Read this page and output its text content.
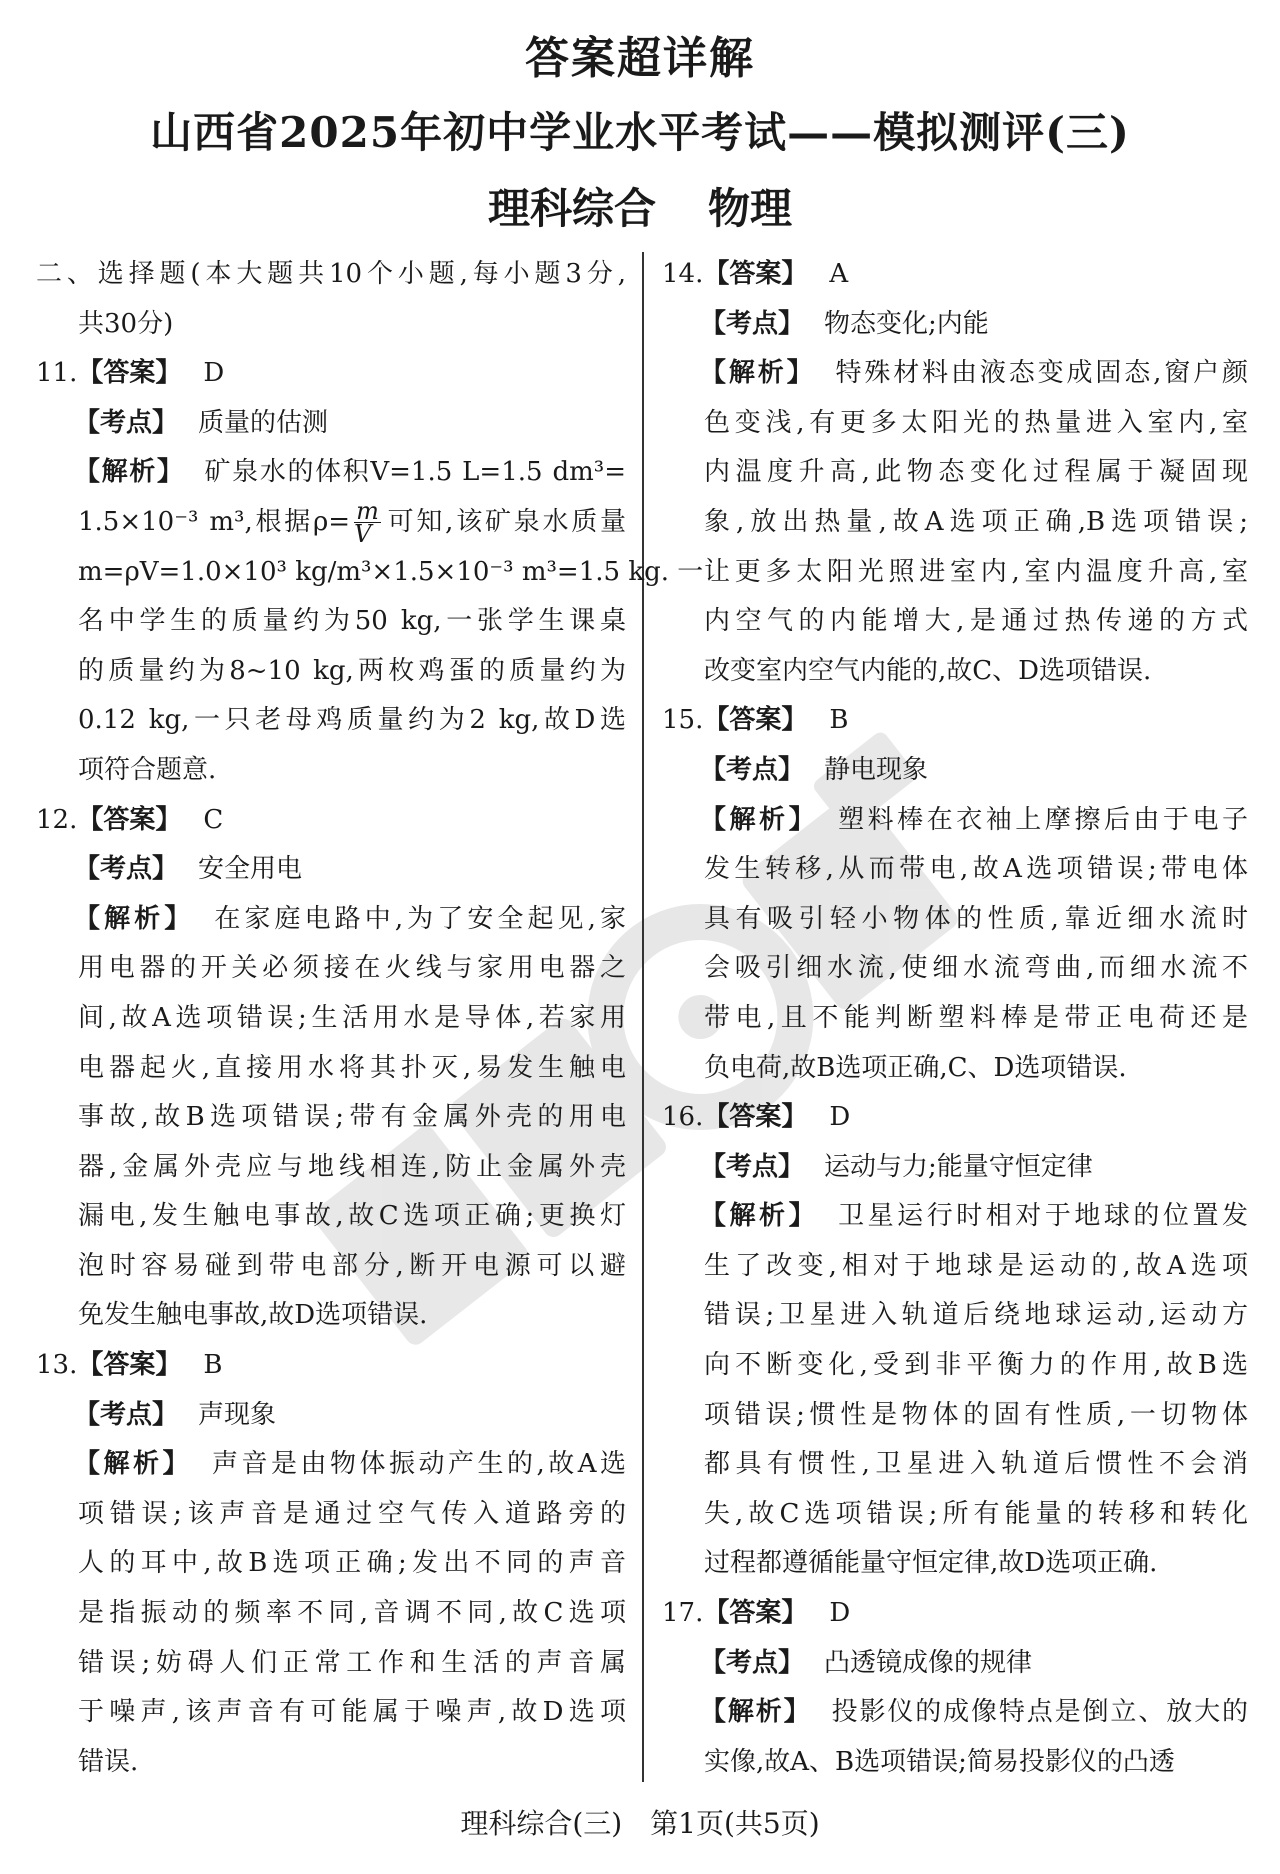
答案超详解
山西省2025年初中学业水平考试——模拟测评(三)
理科综合 物理
二、选择题(本大题共10个小题,每小题3分,
共30分)
11.【答案】 D
【考点】 质量的估测
【解析】 矿泉水的体积V=1.5 L=1.5 dm³=
1.5×10⁻³ m³,根据$\rho= \frac{m}{V}$ 可知,该矿泉水质量
m=ρV=1.0×10³ kg/m³×1.5×10⁻³ m³=1.5 kg. 一
名中学生的质量约为50 kg,一张学生课桌
的质量约为8~10 kg,两枚鸡蛋的质量约为
0.12 kg,一只老母鸡质量约为2 kg,故D选
项符合题意.
12.【答案】 C
【考点】 安全用电
【解析】 在家庭电路中,为了安全起见,家
用电器的开关必须接在火线与家用电器之
间,故A选项错误;生活用水是导体,若家用
电器起火,直接用水将其扑灭,易发生触电
事故,故B选项错误;带有金属外壳的用电
器,金属外壳应与地线相连,防止金属外壳
漏电,发生触电事故,故C选项正确;更换灯
泡时容易碰到带电部分,断开电源可以避
免发生触电事故,故D选项错误.
13.【答案】 B
【考点】 声现象
【解析】 声音是由物体振动产生的,故A选
项错误;该声音是通过空气传入道路旁的
人的耳中,故B选项正确;发出不同的声音
是指振动的频率不同,音调不同,故C选项
错误;妨碍人们正常工作和生活的声音属
于噪声,该声音有可能属于噪声,故D选项
错误.
14.【答案】 A
【考点】 物态变化;内能
【解析】 特殊材料由液态变成固态,窗户颜
色变浅,有更多太阳光的热量进入室内,室
内温度升高,此物态变化过程属于凝固现
象,放出热量,故A选项正确,B选项错误;
让更多太阳光照进室内,室内温度升高,室
内空气的内能增大,是通过热传递的方式
改变室内空气内能的,故C、D选项错误.
15.【答案】 B
【考点】 静电现象
【解析】 塑料棒在衣袖上摩擦后由于电子
发生转移,从而带电,故A选项错误;带电体
具有吸引轻小物体的性质,靠近细水流时
会吸引细水流,使细水流弯曲,而细水流不
带电,且不能判断塑料棒是带正电荷还是
负电荷,故B选项正确,C、D选项错误.
16.【答案】 D
【考点】 运动与力;能量守恒定律
【解析】 卫星运行时相对于地球的位置发
生了改变,相对于地球是运动的,故A选项
错误;卫星进入轨道后绕地球运动,运动方
向不断变化,受到非平衡力的作用,故B选
项错误;惯性是物体的固有性质,一切物体
都具有惯性,卫星进入轨道后惯性不会消
失,故C选项错误;所有能量的转移和转化
过程都遵循能量守恒定律,故D选项正确.
17.【答案】 D
【考点】 凸透镜成像的规律
【解析】 投影仪的成像特点是倒立、放大的
实像,故A、B选项错误;简易投影仪的凸透
理科综合(三)　第1页(共5页)
